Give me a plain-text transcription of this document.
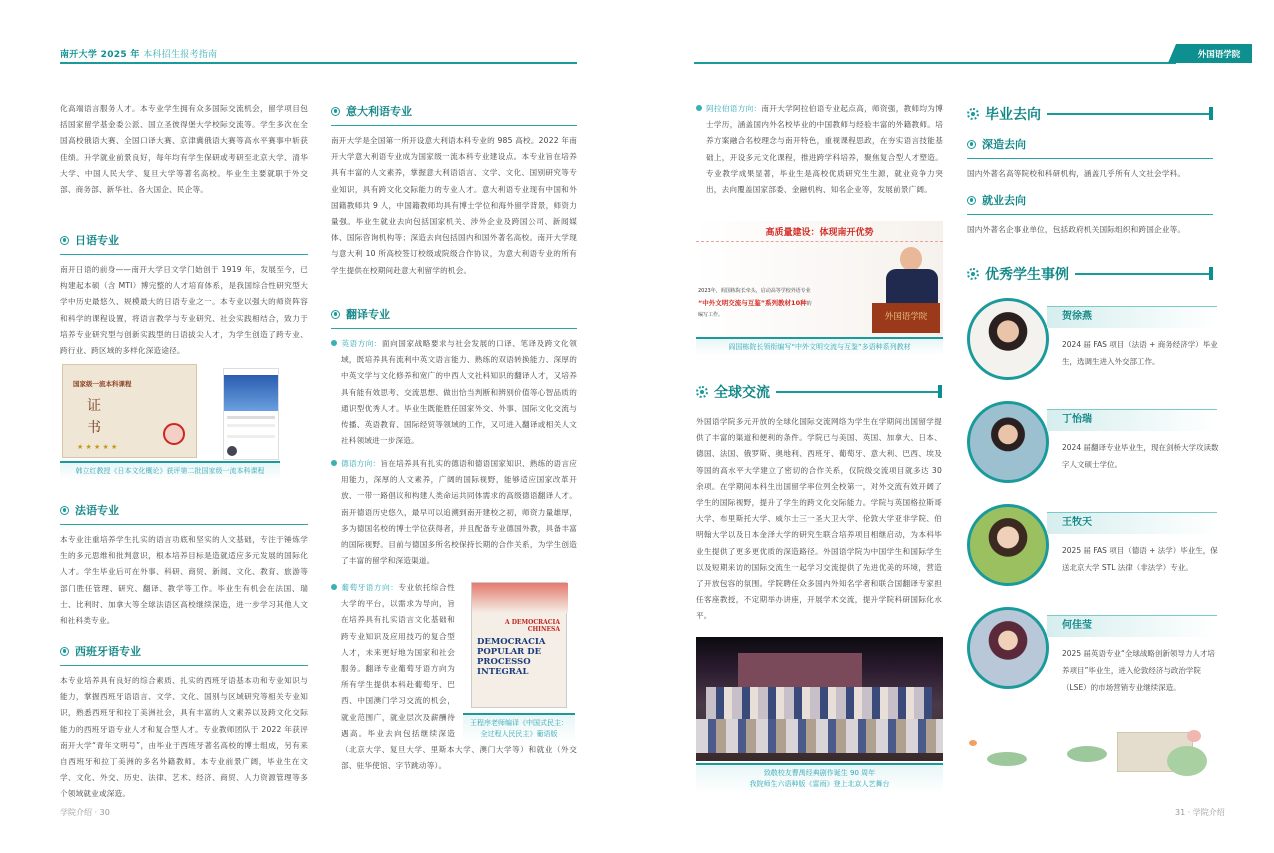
南开大学 2025 年 本科招生报考指南

化高端语言服务人才。本专业学生拥有众多国际交流机会，留学项目包括国家留学基金委公派、国立圣彼得堡大学校际交流等。学生多次在全国高校俄语大赛、全国口译大赛、京津冀俄语大赛等高水平赛事中斩获佳绩。升学就业前景良好，每年均有学生保研或考研至北京大学、清华大学、中国人民大学、复旦大学等著名高校。毕业生主要就职于外交部、商务部、新华社、各大国企、民企等。

日语专业

南开日语的前身——南开大学日文学门始创于 1919 年，发展至今，已构建起本硕（含 MTI）博完整的人才培育体系，是我国综合性研究型大学中历史最悠久、规模最大的日语专业之一。本专业以强大的师资阵容和科学的课程设置，将语言教学与专业研究、社会实践相结合，致力于培养专业研究型与创新实践型的日语拔尖人才，为学生创造了跨专业、跨行业、跨区域的多样化深造途径。

国家级一流本科课程
证
书
★ ★ ★ ★ ★
韩立红教授《日本文化概论》获评第二批国家级一流本科课程
法语专业

本专业注重培养学生扎实的语言功底和坚实的人文基础，专注于锤炼学生的多元思维和批判意识，根本培养目标是造就适应多元发展的国际化人才。学生毕业后可在外事、科研、商贸、新闻、文化、教育、旅游等部门胜任管理、研究、翻译、教学等工作。毕业生有机会在法国、瑞士、比利时、加拿大等全球法语区高校继续深造，进一步学习其他人文和社科类专业。

西班牙语专业

本专业培养具有良好的综合素质、扎实的西班牙语基本功和专业知识与能力，掌握西班牙语语言、文学、文化、国别与区域研究等相关专业知识，熟悉西班牙和拉丁美洲社会，具有丰富的人文素养以及跨文化交际能力的西班牙语专业人才和复合型人才。专业教师团队于 2022 年获评南开大学“青年文明号”，由毕业于西班牙著名高校的博士组成，另有来自西班牙和拉丁美洲的多名外籍教师。本专业前景广阔，毕业生在文学、文化、外交、历史、法律、艺术、经济、商贸、人力资源管理等多个领域就业或深造。

意大利语专业

南开大学是全国第一所开设意大利语本科专业的 985 高校。2022 年南开大学意大利语专业成为国家级一流本科专业建设点。本专业旨在培养具有丰富的人文素养，掌握意大利语语言、文学、文化、国别研究等专业知识，具有跨文化交际能力的专业人才。意大利语专业现有中国和外国籍教师共 9 人，中国籍教师均具有博士学位和海外留学背景，师资力量强。毕业生就业去向包括国家机关、涉外企业及跨国公司、新闻媒体、国际咨询机构等；深造去向包括国内和国外著名高校。南开大学现与意大利 10 所高校签订校级或院级合作协议，为意大利语专业的所有学生提供在校期间赴意大利留学的机会。

翻译专业

英语方向：面向国家战略要求与社会发展的口译、笔译及跨文化领域，既培养具有流利中英文语言能力、熟练的双语转换能力、深厚的中英文学与文化修养和宽广的中西人文社科知识的翻译人才，又培养具有能有效思考、交流思想、做出恰当判断和辨别价值等心智品质的通识型优秀人才。毕业生既能胜任国家外交、外事、国际文化交流与传播、英语教育、国际经贸等领域的工作，又可进入翻译或相关人文社科领域进一步深造。

德语方向：旨在培养具有扎实的德语和德语国家知识、熟练的语言应用能力，深厚的人文素养，广阔的国际视野，能够适应国家改革开放、一带一路倡议和构建人类命运共同体需求的高级德语翻译人才。南开德语历史悠久，最早可以追溯到南开建校之初，师资力量雄厚，多为德国名校的博士学位获得者，并且配备专业德国外教，具备丰富的国际视野。目前与德国多所名校保持长期的合作关系，为学生创造了丰富的留学和深造渠道。

葡萄牙语方向：专业依托综合性大学的平台，以需求为导向，旨在培养具有扎实语言文化基础和跨专业知识及应用技巧的复合型人才，未来更好地为国家和社会服务。翻译专业葡萄牙语方向为所有学生提供本科赴葡萄牙、巴西、中国澳门学习交流的机会，就业范围广，就业层次及薪酬待遇高。毕业去向包括继续深造（北京大学、复旦大学、里斯本大学、澳门大学等）和就业（外交部、驻华使馆、字节跳动等）。

A DEMOCRACIA CHINESA
DEMOCRACIA POPULAR DE PROCESSO INTEGRAL
王程序老师编译《中国式民主：
全过程人民民主》葡语版
学院介绍 · 30
外国语学院

阿拉伯语方向：南开大学阿拉伯语专业起点高，师资强，教师均为博士学历，涵盖国内外名校毕业的中国教师与经验丰富的外籍教师。培养方案融合名校理念与南开特色，重视课程思政，在夯实语言技能基础上，开设多元文化课程，推进跨学科培养，聚焦复合型人才塑造。专业教学成果显著，毕业生是高校优质研究生生源，就业竞争力突出，去向覆盖国家部委、金融机构、知名企业等，发展前景广阔。

高质量建设：体现南开优势
2023年，阎国栋院长牵头，启动高等学校外语专业
“中外文明交流与互鉴”系列教材10种的
编写工作。	外国语学院
阎国栋院长领衔编写“中外文明交流与互鉴”多语种系列教材
全球交流

外国语学院多元开放的全球化国际交流网络为学生在学期间出国留学提供了丰富的渠道和便利的条件。学院已与美国、英国、加拿大、日本、德国、法国、俄罗斯、奥地利、西班牙、葡萄牙、意大利、巴西、埃及等国的高水平大学建立了密切的合作关系，仅院级交流项目就多达 30 余项。在学期间本科生出国留学率位列全校第一，对外交流有效开阔了学生的国际视野，提升了学生的跨文化交际能力。学院与英国格拉斯哥大学、布里斯托大学、威尔士三一圣大卫大学、伦敦大学亚非学院、伯明翰大学以及日本金泽大学的研究生联合培养项目相继启动，为本科毕业生提供了更多更优质的深造路径。外国语学院为中国学生和国际学生以及短期来访的国际交流生一起学习交流提供了先进优美的环境，营造了开放包容的氛围。学院聘任众多国内外知名学者和联合国翻译专家担任客座教授，不定期举办讲座，开展学术交流，提升学院科研国际化水平。

致敬校友曹禺经典剧作诞生 90 周年
我院师生六语种版《雷雨》登上北京人艺舞台
毕业去向
深造去向

国内外著名高等院校和科研机构，涵盖几乎所有人文社会学科。

就业去向

国内外著名企事业单位，包括政府机关国际组织和跨国企业等。

优秀学生事例
贺徐燕
2024 届 FAS 项目（法语 + 商务经济学）毕业生，选调生进入外交部工作。
丁怡瑞
2024 届翻译专业毕业生，现在剑桥大学攻读数字人文硕士学位。
王牧天
2025 届 FAS 项目（德语 + 法学）毕业生，保送北京大学 STL 法律（非法学）专业。
何佳莹
2025 届英语专业“全球战略创新领导力人才培养项目”毕业生，进入伦敦经济与政治学院（LSE）的市场营销专业继续深造。
31 · 学院介绍
